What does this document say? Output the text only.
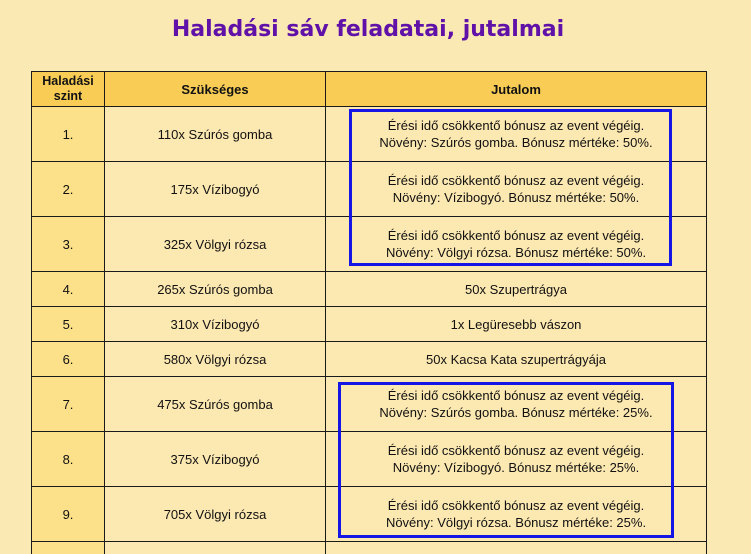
Haladási sáv feladatai, jutalmai
Haladási szint	Szükséges	Jutalom
1.	110x Szúrós gomba	Érési idő csökkentő bónusz az event végéig.
Növény: Szúrós gomba. Bónusz mértéke: 50%.

2.	175x Vízibogyó	Érési idő csökkentő bónusz az event végéig.
Növény: Vízibogyó. Bónusz mértéke: 50%.

3.	325x Völgyi rózsa	Érési idő csökkentő bónusz az event végéig.
Növény: Völgyi rózsa. Bónusz mértéke: 50%.

4.	265x Szúrós gomba	50x Szupertrágya

5.	310x Vízibogyó	1x Legüresebb vászon

6.	580x Völgyi rózsa	50x Kacsa Kata szupertrágyája

7.	475x Szúrós gomba	Érési idő csökkentő bónusz az event végéig.
Növény: Szúrós gomba. Bónusz mértéke: 25%.

8.	375x Vízibogyó	Érési idő csökkentő bónusz az event végéig.
Növény: Vízibogyó. Bónusz mértéke: 25%.

9.	705x Völgyi rózsa	Érési idő csökkentő bónusz az event végéig.
Növény: Völgyi rózsa. Bónusz mértéke: 25%.
